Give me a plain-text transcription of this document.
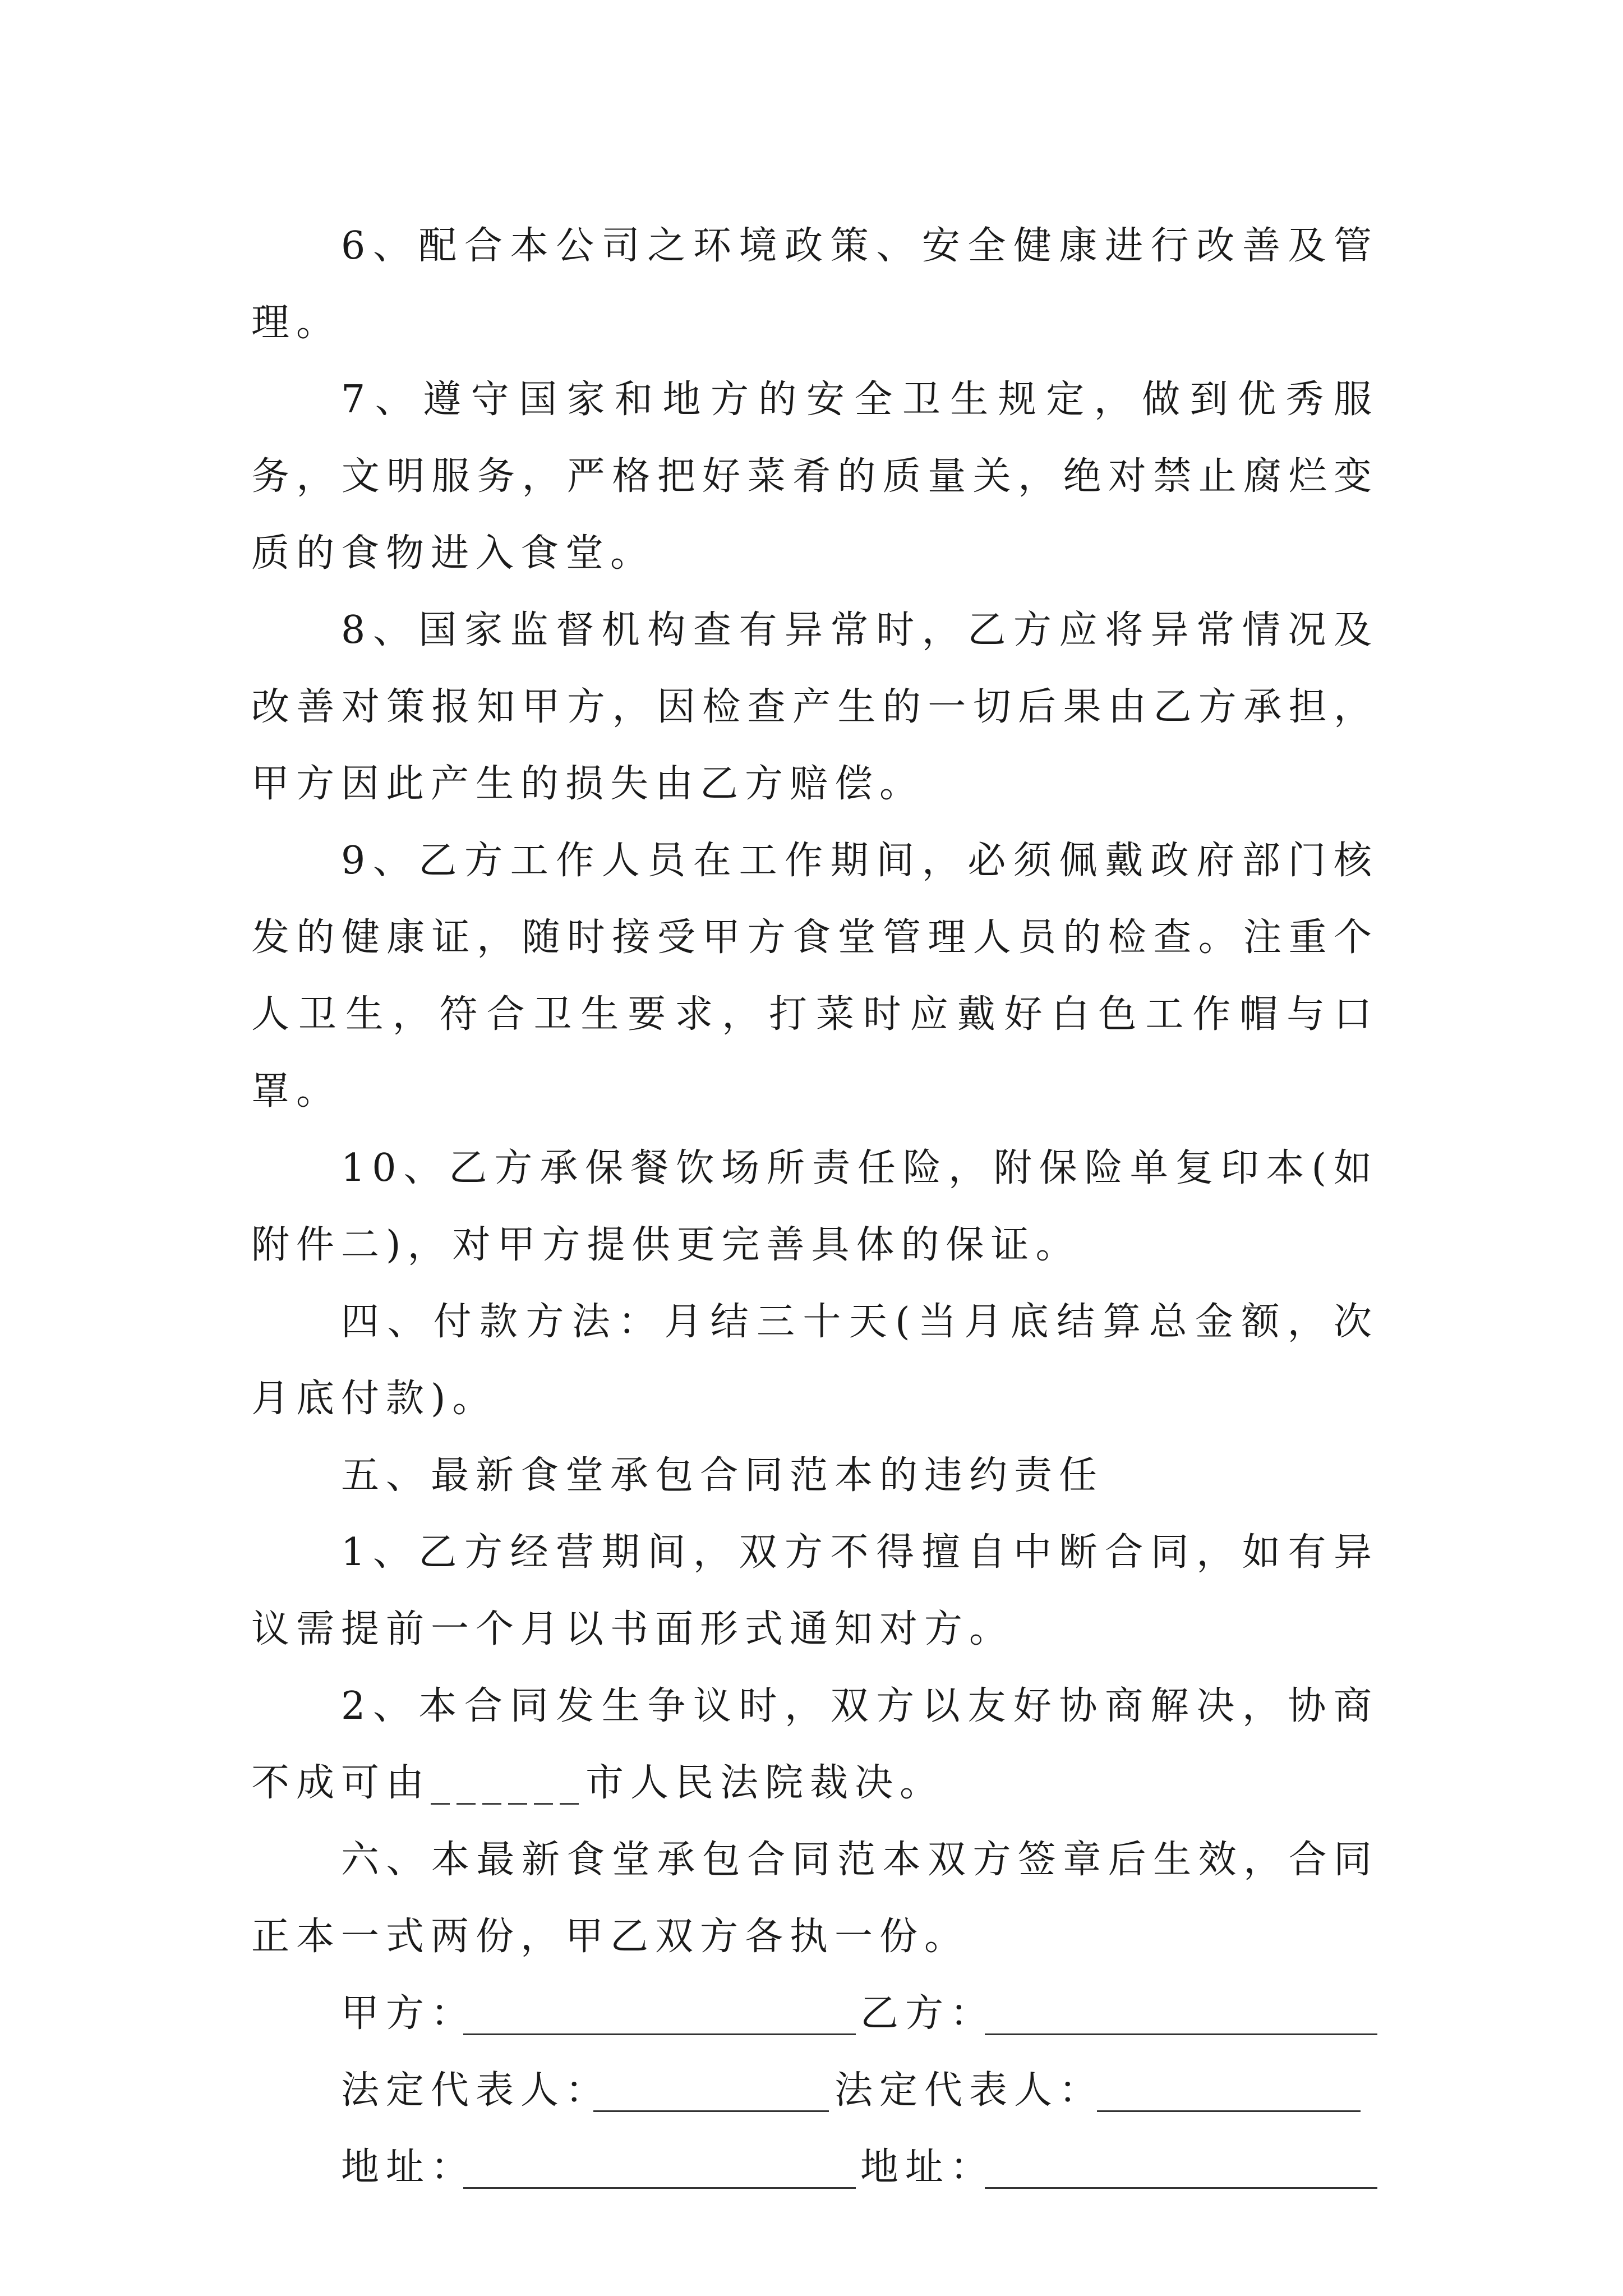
6、配合本公司之环境政策、安全健康进行改善及管理。

7、遵守国家和地方的安全卫生规定，做到优秀服务，文明服务，严格把好菜肴的质量关，绝对禁止腐烂变质的食物进入食堂。

8、国家监督机构查有异常时，乙方应将异常情况及改善对策报知甲方，因检查产生的一切后果由乙方承担，甲方因此产生的损失由乙方赔偿。

9、乙方工作人员在工作期间，必须佩戴政府部门核发的健康证，随时接受甲方食堂管理人员的检查。注重个人卫生，符合卫生要求，打菜时应戴好白色工作帽与口罩。

10、乙方承保餐饮场所责任险，附保险单复印本(如附件二)，对甲方提供更完善具体的保证。

四、付款方法：月结三十天(当月底结算总金额，次月底付款)。

五、最新食堂承包合同范本的违约责任

1、乙方经营期间，双方不得擅自中断合同，如有异议需提前一个月以书面形式通知对方。

2、本合同发生争议时，双方以友好协商解决，协商不成可由______市人民法院裁决。

六、本最新食堂承包合同范本双方签章后生效，合同正本一式两份，甲乙双方各执一份。

甲方：	乙方：
法定代表人：	法定代表人：
地址：	地址：
